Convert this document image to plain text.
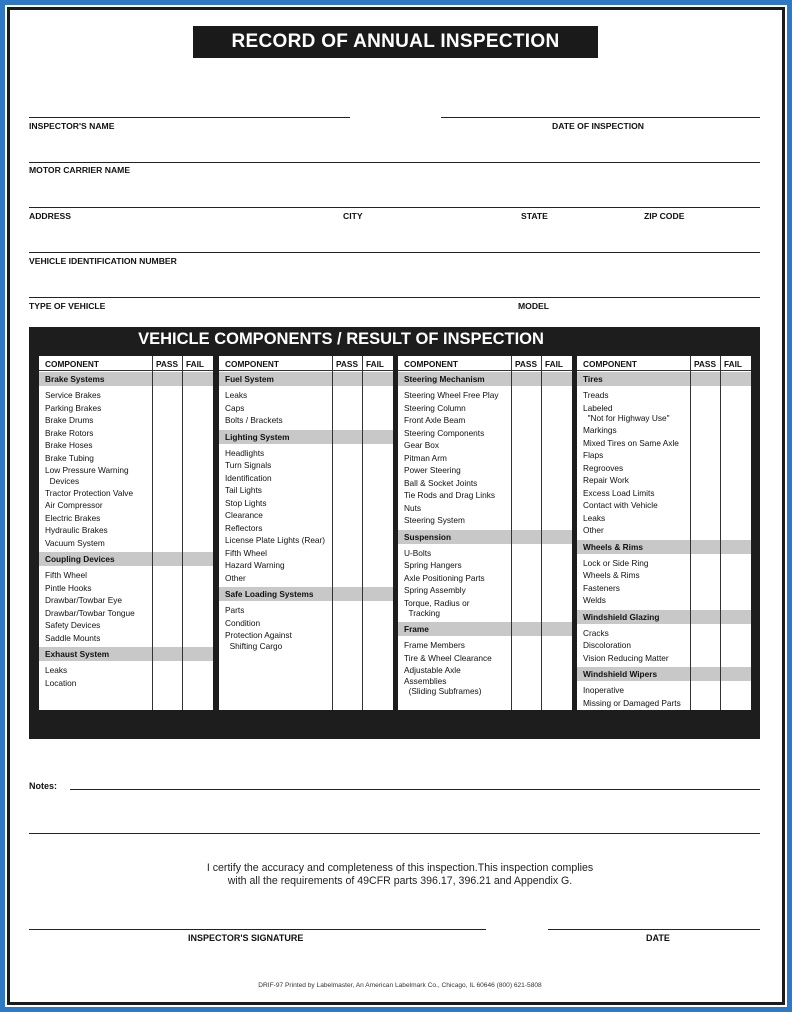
RECORD OF ANNUAL INSPECTION
INSPECTOR'S NAME	DATE OF INSPECTION
MOTOR CARRIER NAME
ADDRESS	CITY	STATE	ZIP CODE
VEHICLE IDENTIFICATION NUMBER
TYPE OF VEHICLE	MODEL
VEHICLE COMPONENTS / RESULT OF INSPECTION
COMPONENT	PASS FAIL
Brake Systems
Service Brakes
Parking Brakes
Brake Drums
Brake Rotors
Brake Hoses
Brake Tubing
Low Pressure Warning
Devices
Tractor Protection Valve
Air Compressor
Electric Brakes
Hydraulic Brakes
Vacuum System
Coupling Devices
Fifth Wheel
Pintle Hooks
Drawbar/Towbar Eye
Drawbar/Towbar Tongue
Safety Devices
Saddle Mounts
Exhaust System
Leaks
Location
COMPONENT	PASS FAIL
Fuel System
Leaks
Caps
Bolts / Brackets
Lighting System
Headlights
Turn Signals
Identification
Tail Lights
Stop Lights
Clearance
Reflectors
License Plate Lights (Rear)
Fifth Wheel
Hazard Warning
Other
Safe Loading Systems
Parts
Condition
Protection Against
Shifting Cargo
COMPONENT	PASS FAIL
Steering Mechanism
Steering Wheel Free Play
Steering Column
Front Axle Beam
Steering Components
Gear Box
Pitman Arm
Power Steering
Ball & Socket Joints
Tie Rods and Drag Links
Nuts
Steering System
Suspension
U-Bolts
Spring Hangers
Axle Positioning Parts
Spring Assembly
Torque, Radius or
Tracking
Frame
Frame Members
Tire & Wheel Clearance
Adjustable Axle
Assemblies
(Sliding Subframes)
COMPONENT	PASS FAIL
Tires
Treads
Labeled
"Not for Highway Use"
Markings
Mixed Tires on Same Axle
Flaps
Regrooves
Repair Work
Excess Load Limits
Contact with Vehicle
Leaks
Other
Wheels & Rims
Lock or Side Ring
Wheels & Rims
Fasteners
Welds
Windshield Glazing
Cracks
Discoloration
Vision Reducing Matter
Windshield Wipers
Inoperative
Missing or Damaged Parts
Notes:
I certify the accuracy and completeness of this inspection.This inspection complies
with all the requirements of 49CFR parts 396.17, 396.21 and Appendix G.
INSPECTOR'S SIGNATURE	DATE
DRIF-97 Printed by Labelmaster, An American Labelmark Co., Chicago, IL 60646 (800) 621-5808
